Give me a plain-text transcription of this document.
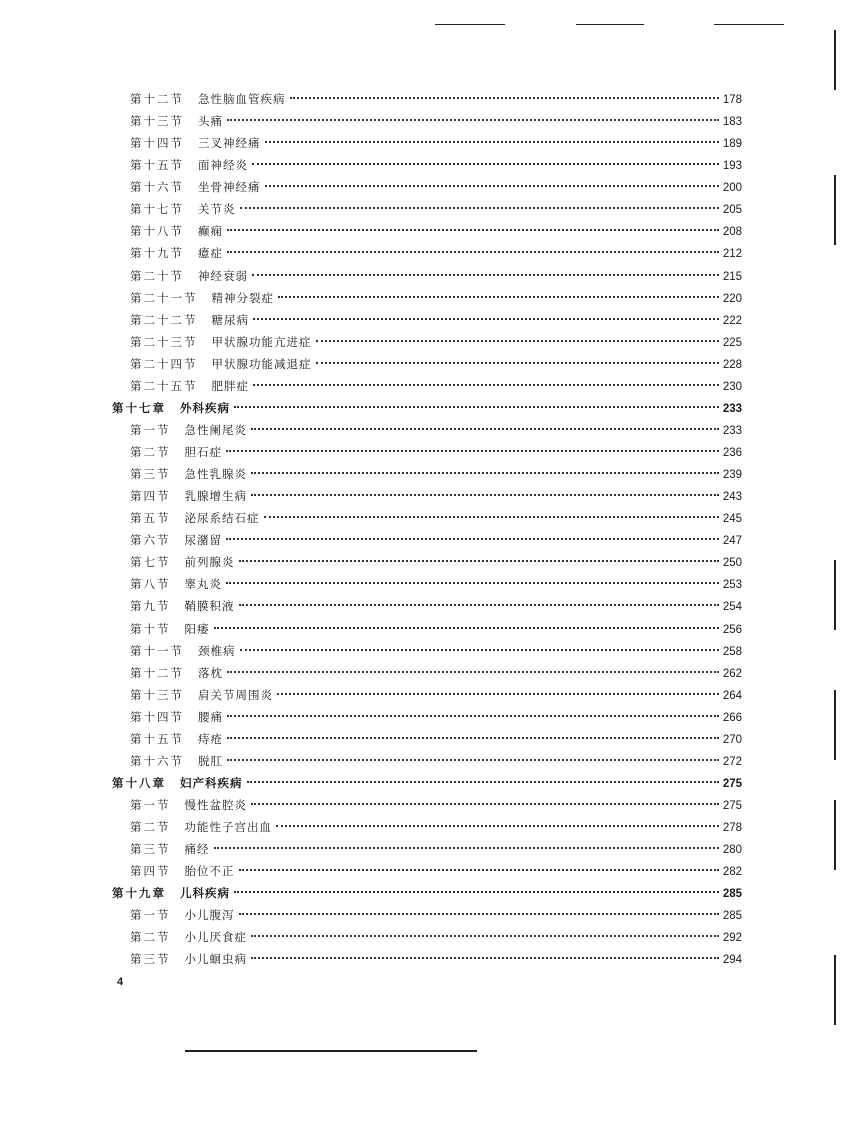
第十二节 急性脑血管疾病	178
第十三节 头痛	183
第十四节 三叉神经痛	189
第十五节 面神经炎	193
第十六节 坐骨神经痛	200
第十七节 关节炎	205
第十八节 癫痫	208
第十九节 癔症	212
第二十节 神经衰弱	215
第二十一节 精神分裂症	220
第二十二节 糖尿病	222
第二十三节 甲状腺功能亢进症	225
第二十四节 甲状腺功能减退症	228
第二十五节 肥胖症	230
第十七章 外科疾病	233
第一节 急性阑尾炎	233
第二节 胆石症	236
第三节 急性乳腺炎	239
第四节 乳腺增生病	243
第五节 泌尿系结石症	245
第六节 尿潴留	247
第七节 前列腺炎	250
第八节 睾丸炎	253
第九节 鞘膜积液	254
第十节 阳痿	256
第十一节 颈椎病	258
第十二节 落枕	262
第十三节 肩关节周围炎	264
第十四节 腰痛	266
第十五节 痔疮	270
第十六节 脱肛	272
第十八章 妇产科疾病	275
第一节 慢性盆腔炎	275
第二节 功能性子宫出血	278
第三节 痛经	280
第四节 胎位不正	282
第十九章 儿科疾病	285
第一节 小儿腹泻	285
第二节 小儿厌食症	292
第三节 小儿蛔虫病	294
4
